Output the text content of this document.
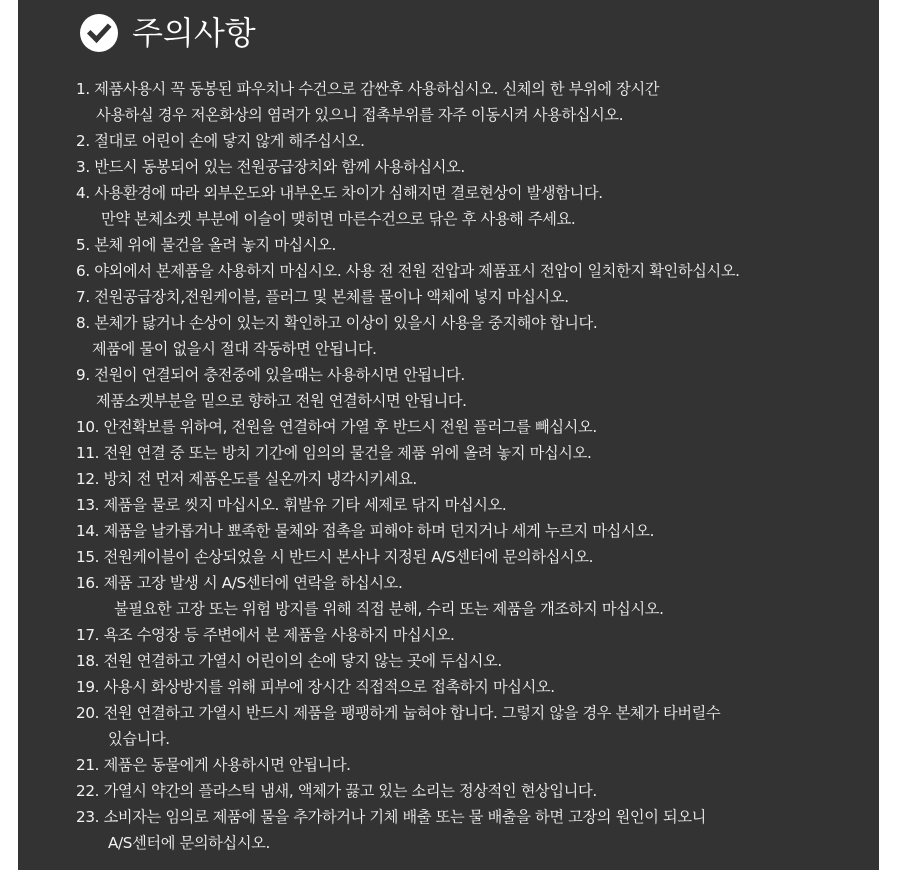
주의사항
1. 제품사용시 꼭 동봉된 파우치나 수건으로 감싼후 사용하십시오. 신체의 한 부위에 장시간
사용하실 경우 저온화상의 염려가 있으니 접촉부위를 자주 이동시켜 사용하십시오.
2. 절대로 어린이 손에 닿지 않게 해주십시오.
3. 반드시 동봉되어 있는 전원공급장치와 함께 사용하십시오.
4. 사용환경에 따라 외부온도와 내부온도 차이가 심해지면 결로현상이 발생합니다.
만약 본체소켓 부분에 이슬이 맺히면 마른수건으로 닦은 후 사용해 주세요.
5. 본체 위에 물건을 올려 놓지 마십시오.
6. 야외에서 본제품을 사용하지 마십시오. 사용 전 전원 전압과 제품표시 전압이 일치한지 확인하십시오.
7. 전원공급장치,전원케이블, 플러그 및 본체를 물이나 액체에 넣지 마십시오.
8. 본체가 닳거나 손상이 있는지 확인하고 이상이 있을시 사용을 중지해야 합니다.
제품에 물이 없을시 절대 작동하면 안됩니다.
9. 전원이 연결되어 충전중에 있을때는 사용하시면 안됩니다.
제품소켓부분을 밑으로 향하고 전원 연결하시면 안됩니다.
10. 안전확보를 위하여, 전원을 연결하여 가열 후 반드시 전원 플러그를 빼십시오.
11. 전원 연결 중 또는 방치 기간에 임의의 물건을 제품 위에 올려 놓지 마십시오.
12. 방치 전 먼저 제품온도를 실온까지 냉각시키세요.
13. 제품을 물로 씻지 마십시오. 휘발유 기타 세제로 닦지 마십시오.
14. 제품을 날카롭거나 뾰족한 물체와 접촉을 피해야 하며 던지거나 세게 누르지 마십시오.
15. 전원케이블이 손상되었을 시 반드시 본사나 지정된 A/S센터에 문의하십시오.
16. 제품 고장 발생 시 A/S센터에 연락을 하십시오.
불필요한 고장 또는 위험 방지를 위해 직접 분해, 수리 또는 제품을 개조하지 마십시오.
17. 욕조 수영장 등 주변에서 본 제품을 사용하지 마십시오.
18. 전원 연결하고 가열시 어린이의 손에 닿지 않는 곳에 두십시오.
19. 사용시 화상방지를 위해 피부에 장시간 직접적으로 접촉하지 마십시오.
20. 전원 연결하고 가열시 반드시 제품을 팽팽하게 눕혀야 합니다. 그렇지 않을 경우 본체가 타버릴수
있습니다.
21. 제품은 동물에게 사용하시면 안됩니다.
22. 가열시 약간의 플라스틱 냄새, 액체가 끓고 있는 소리는 정상적인 현상입니다.
23. 소비자는 임의로 제품에 물을 추가하거나 기체 배출 또는 물 배출을 하면 고장의 원인이 되오니
A/S센터에 문의하십시오.
